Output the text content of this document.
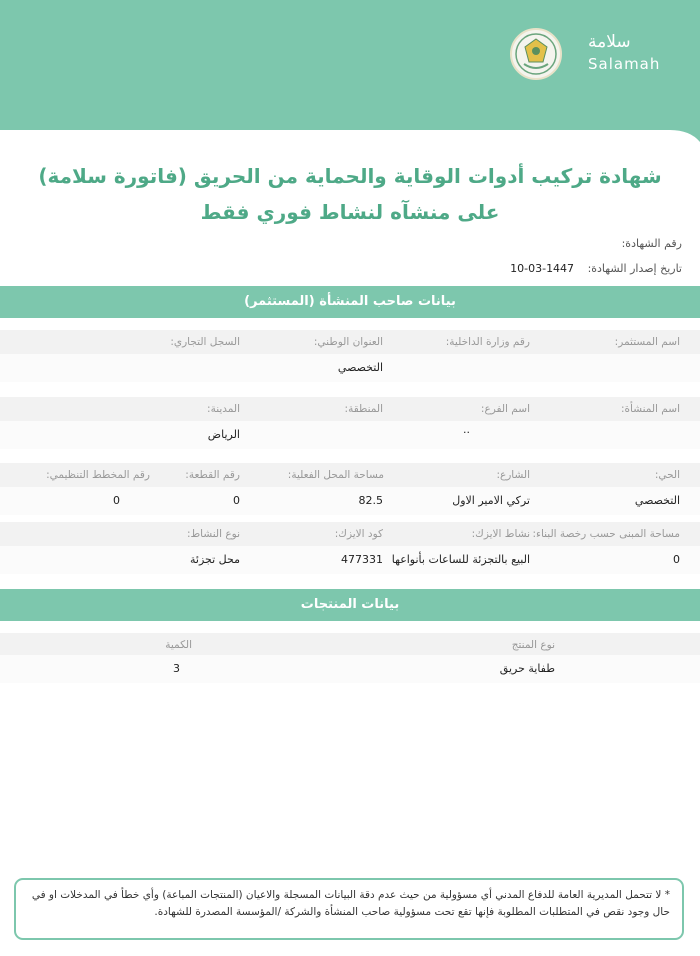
سلامة
Salamah
شهادة تركيب أدوات الوقاية والحماية من الحريق (فاتورة سلامة)
على منشآه لنشاط فوري فقط
رقم الشهادة:
تاريخ إصدار الشهادة: 1447-03-10
بيانات صاحب المنشأة (المستثمر)
اسم المستثمر:
رقم وزارة الداخلية:
العنوان الوطني:
السجل التجاري:
التخصصي
اسم المنشأة:
اسم الفرع:
المنطقة:
المدينة:
..
الرياض
الحي:
الشارع:
مساحة المحل الفعلية:
رقم القطعة:
رقم المخطط التنظيمي:
التخصصي
تركي الامير الاول
82.5
0
0
مساحة المبنى حسب رخصة البناء:
نشاط الايزك:
كود الايزك:
نوع النشاط:
0
البيع بالتجزئة للساعات بأنواعها
477331
محل تجزئة
بيانات المنتجات
نوع المنتج
الكمية
طفاية حريق
3

* لا تتحمل المديرية العامة للدفاع المدني أي مسؤولية من حيث عدم دقة البيانات المسجلة والاعيان (المنتجات المباعة) وأي خطأ في المدخلات او في حال وجود نقص في المتطلبات المطلوبة فإنها تقع تحت مسؤولية صاحب المنشأة والشركة /المؤسسة المصدرة للشهادة.
